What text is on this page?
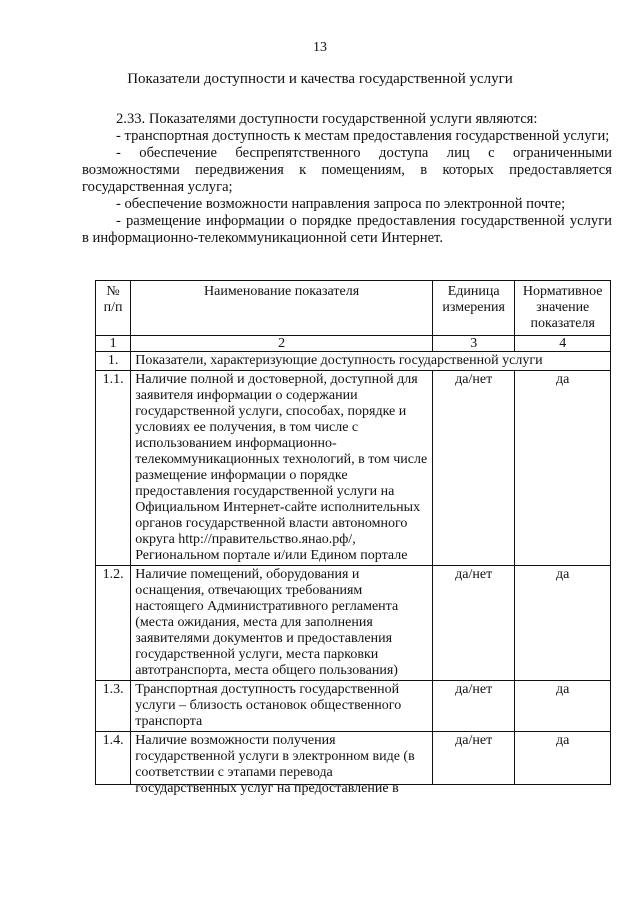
13
Показатели доступности и качества государственной услуги

2.33. Показателями доступности государственной услуги являются:

- транспортная доступность к местам предоставления государственной услуги;

- обеспечение беспрепятственного доступа лиц с ограниченными возможностями передвижения к помещениям, в которых предоставляется государственная услуга;

- обеспечение возможности направления запроса по электронной почте;

- размещение информации о порядке предоставления государственной услуги в информационно-телекоммуникационной сети Интернет.

№ п/п	Наименование показателя	Единица измерения	Нормативное значение показателя
1	2	3	4
1.	Показатели, характеризующие доступность государственной услуги		
1.1.	Наличие полной и достоверной, доступной для заявителя информации о содержании государственной услуги, способах, порядке и условиях ее получения, в том числе с использованием информационно-телекоммуникационных технологий, в том числе размещение информации о порядке предоставления государственной услуги на Официальном Интернет-сайте исполнительных органов государственной власти автономного округа http://правительство.янао.рф/, Региональном портале и/или Едином портале	да/нет	да
1.2.	Наличие помещений, оборудования и оснащения, отвечающих требованиям настоящего Административного регламента (места ожидания, места для заполнения заявителями документов и предоставления государственной услуги, места парковки автотранспорта, места общего пользования)	да/нет	да
1.3.	Транспортная доступность государственной услуги – близость остановок общественного транспорта	да/нет	да
1.4.	Наличие возможности получения государственной услуги в электронном виде (в соответствии с этапами перевода государственных услуг на предоставление в	да/нет	да
